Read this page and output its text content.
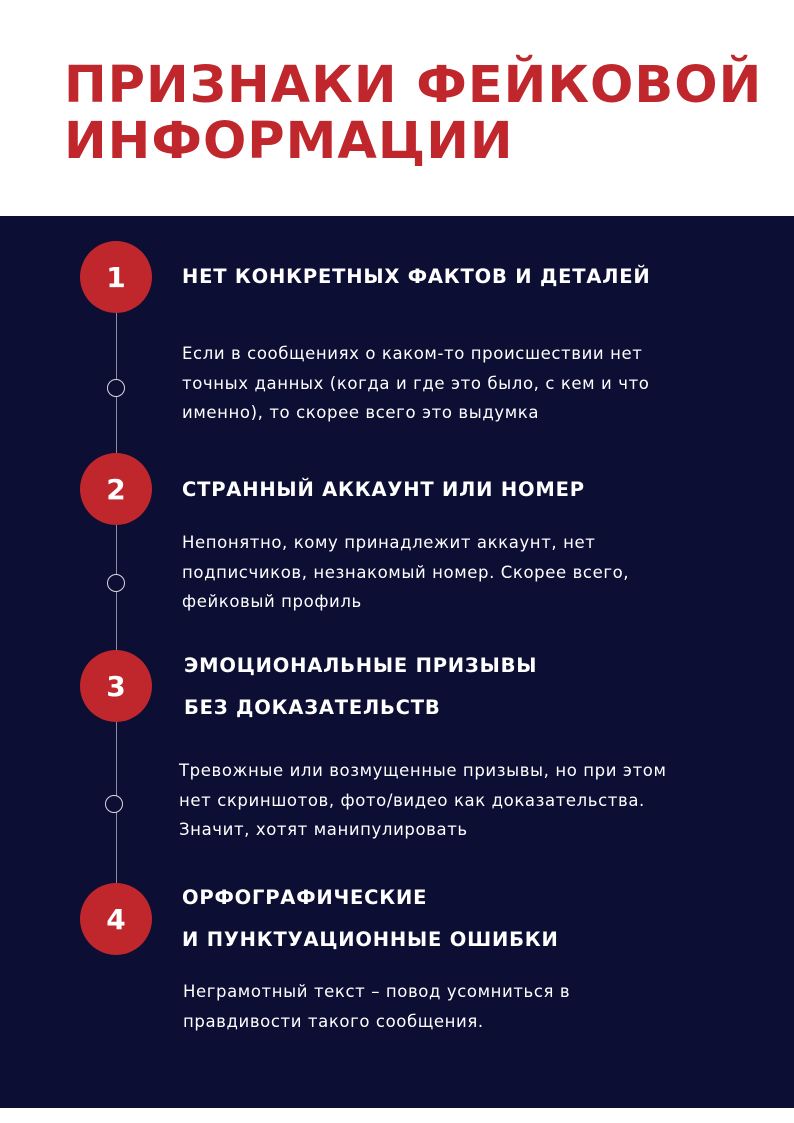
ПРИЗНАКИ ФЕЙКОВОЙ
ИНФОРМАЦИИ
1	НЕТ КОНКРЕТНЫХ ФАКТОВ И ДЕТАЛЕЙ
Если в сообщениях о каком-то происшествии нет
точных данных (когда и где это было, с кем и что
именно), то скорее всего это выдумка
2	СТРАННЫЙ АККАУНТ ИЛИ НОМЕР
Непонятно, кому принадлежит аккаунт, нет
подписчиков, незнакомый номер. Скорее всего,
фейковый профиль
3
ЭМОЦИОНАЛЬНЫЕ ПРИЗЫВЫ
БЕЗ ДОКАЗАТЕЛЬСТВ
Тревожные или возмущенные призывы, но при этом
нет скриншотов, фото/видео как доказательства.
Значит, хотят манипулировать
4
ОРФОГРАФИЧЕСКИЕ
И ПУНКТУАЦИОННЫЕ ОШИБКИ
Неграмотный текст – повод усомниться в
правдивости такого сообщения.
